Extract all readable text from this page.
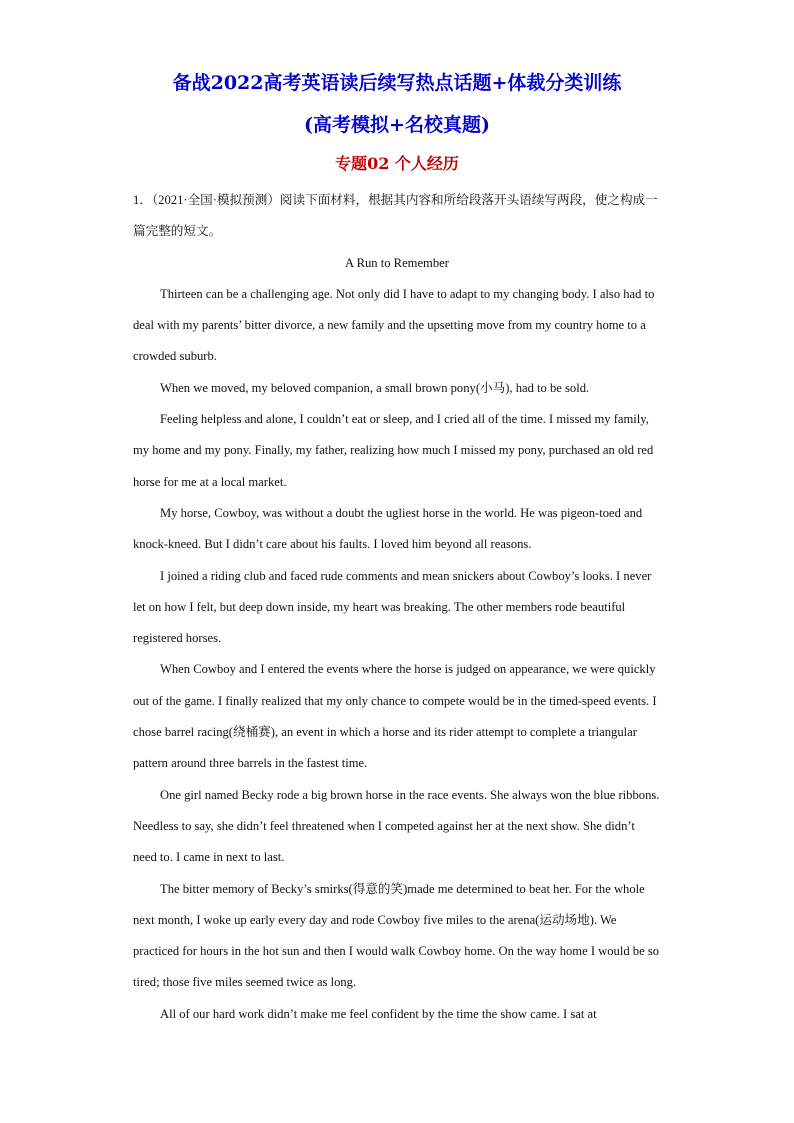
备战2022高考英语读后续写热点话题+体裁分类训练
(高考模拟+名校真题)
专题02 个人经历

1．（2021·全国·模拟预测）阅读下面材料，根据其内容和所给段落开头语续写两段，使之构成一篇完整的短文。

A Run to Remember

Thirteen can be a challenging age. Not only did I have to adapt to my changing body. I also had to deal with my parents’ bitter divorce, a new family and the upsetting move from my country home to a crowded suburb.

When we moved, my beloved companion, a small brown pony(小马), had to be sold.

Feeling helpless and alone, I couldn’t eat or sleep, and I cried all of the time. I missed my family, my home and my pony. Finally, my father, realizing how much I missed my pony, purchased an old red horse for me at a local market.

My horse, Cowboy, was without a doubt the ugliest horse in the world. He was pigeon-toed and knock-kneed. But I didn’t care about his faults. I loved him beyond all reasons.

I joined a riding club and faced rude comments and mean snickers about Cowboy’s looks. I never let on how I felt, but deep down inside, my heart was breaking. The other members rode beautiful registered horses.

When Cowboy and I entered the events where the horse is judged on appearance, we were quickly out of the game. I finally realized that my only chance to compete would be in the timed-speed events. I chose barrel racing(绕桶赛), an event in which a horse and its rider attempt to complete a triangular pattern around three barrels in the fastest time.

One girl named Becky rode a big brown horse in the race events. She always won the blue ribbons. Needless to say, she didn’t feel threatened when I competed against her at the next show. She didn’t need to. I came in next to last.

The bitter memory of Becky’s smirks(得意的笑)made me determined to beat her. For the whole next month, I woke up early every day and rode Cowboy five miles to the arena(运动场地). We practiced for hours in the hot sun and then I would walk Cowboy home. On the way home I would be so tired; those five miles seemed twice as long.

All of our hard work didn’t make me feel confident by the time the show came. I sat at
